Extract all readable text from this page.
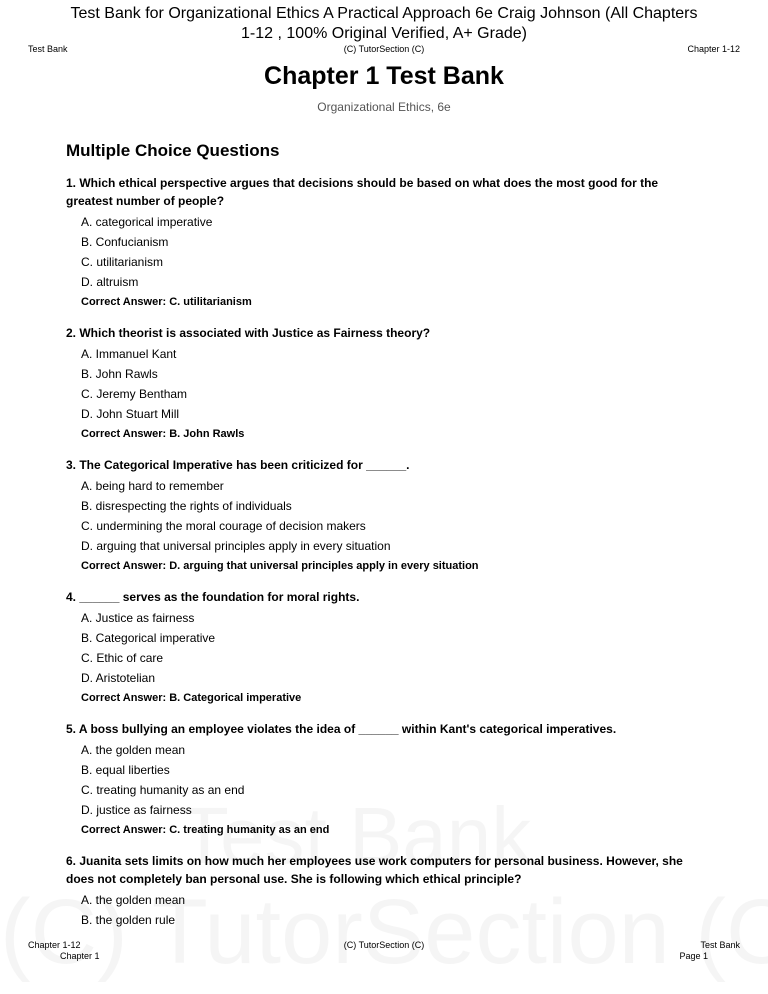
Test Bank for Organizational Ethics A Practical Approach 6e Craig Johnson (All Chapters
1-12 , 100% Original Verified, A+ Grade)
Test Bank	(C) TutorSection (C)	Chapter 1-12
Chapter 1 Test Bank
Organizational Ethics, 6e
Multiple Choice Questions

1. Which ethical perspective argues that decisions should be based on what does the most good for the greatest number of people?

A. categorical imperative
B. Confucianism
C. utilitarianism
D. altruism
Correct Answer: C. utilitarianism

2. Which theorist is associated with Justice as Fairness theory?

A. Immanuel Kant
B. John Rawls
C. Jeremy Bentham
D. John Stuart Mill
Correct Answer: B. John Rawls

3. The Categorical Imperative has been criticized for ______.

A. being hard to remember
B. disrespecting the rights of individuals
C. undermining the moral courage of decision makers
D. arguing that universal principles apply in every situation
Correct Answer: D. arguing that universal principles apply in every situation

4. ______ serves as the foundation for moral rights.

A. Justice as fairness
B. Categorical imperative
C. Ethic of care
D. Aristotelian
Correct Answer: B. Categorical imperative

5. A boss bullying an employee violates the idea of ______ within Kant's categorical imperatives.

A. the golden mean
B. equal liberties
C. treating humanity as an end
D. justice as fairness
Correct Answer: C. treating humanity as an end

6. Juanita sets limits on how much her employees use work computers for personal business. However, she does not completely ban personal use. She is following which ethical principle?

A. the golden mean
B. the golden rule
Chapter 1-12
Chapter 1
(C) TutorSection (C)	Test Bank
Page 1
